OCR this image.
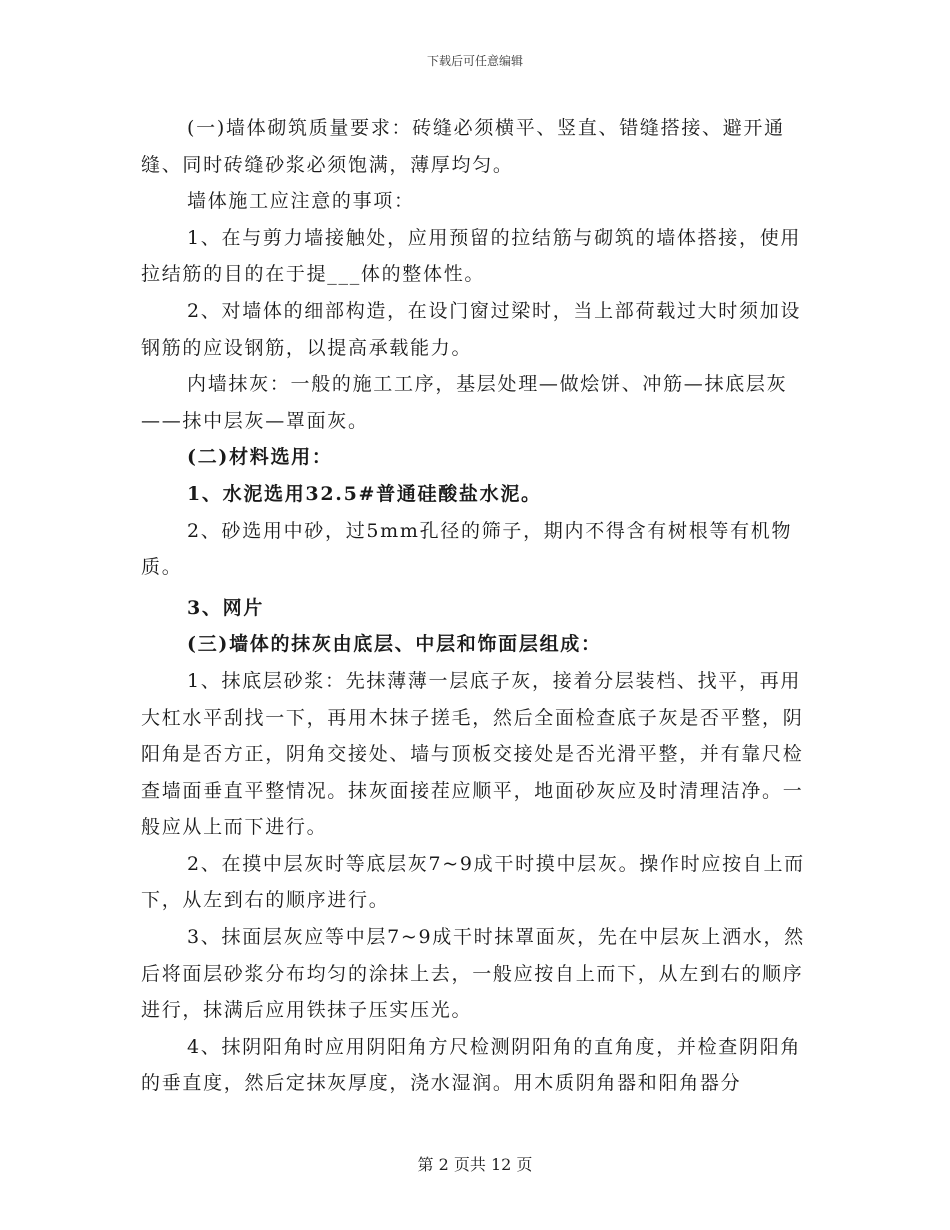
下载后可任意编辑

(一)墙体砌筑质量要求：砖缝必须横平、竖直、错缝搭接、避开通缝、同时砖缝砂浆必须饱满，薄厚均匀。

墙体施工应注意的事项：

1、在与剪力墙接触处，应用预留的拉结筋与砌筑的墙体搭接，使用拉结筋的目的在于提___体的整体性。

2、对墙体的细部构造，在设门窗过梁时，当上部荷载过大时须加设钢筋的应设钢筋，以提高承载能力。

内墙抹灰：一般的施工工序，基层处理—做烩饼、冲筋—抹底层灰——抹中层灰—罩面灰。

(二)材料选用：

1、水泥选用32.5#普通硅酸盐水泥。

2、砂选用中砂，过5mm孔径的筛子，期内不得含有树根等有机物质。

3、网片

(三)墙体的抹灰由底层、中层和饰面层组成：

1、抹底层砂浆：先抹薄薄一层底子灰，接着分层装档、找平，再用大杠水平刮找一下，再用木抹子搓毛，然后全面检查底子灰是否平整，阴阳角是否方正，阴角交接处、墙与顶板交接处是否光滑平整，并有靠尺检查墙面垂直平整情况。抹灰面接茬应顺平，地面砂灰应及时清理洁净。一般应从上而下进行。

2、在摸中层灰时等底层灰7~9成干时摸中层灰。操作时应按自上而下，从左到右的顺序进行。

3、抹面层灰应等中层7~9成干时抹罩面灰，先在中层灰上洒水，然后将面层砂浆分布均匀的涂抹上去，一般应按自上而下，从左到右的顺序进行，抹满后应用铁抹子压实压光。

4、抹阴阳角时应用阴阳角方尺检测阴阳角的直角度，并检查阴阳角的垂直度，然后定抹灰厚度，浇水湿润。用木质阴角器和阳角器分

第 2 页共 12 页
